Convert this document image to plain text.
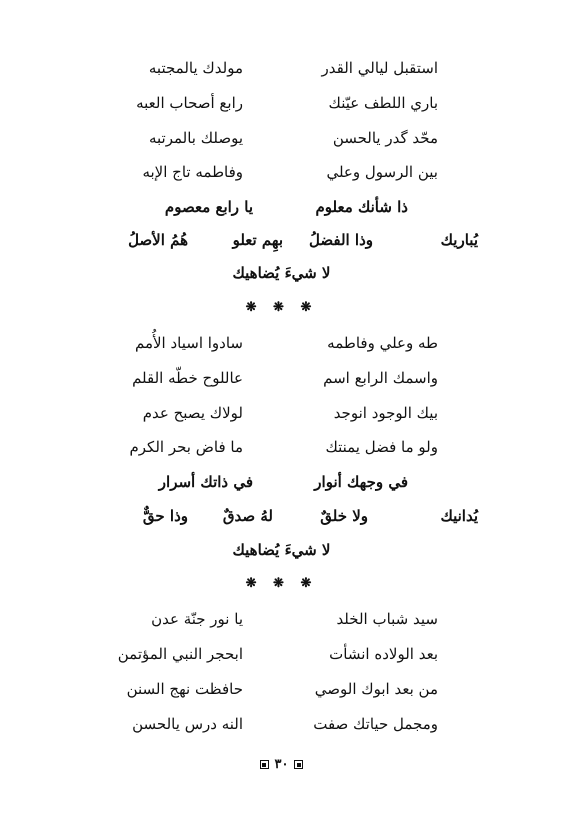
استقبل ليالي القدر
مولدك يالمجتبه
باري اللطف عيّنك
رابع أصحاب العبه
محّد گدر يالحسن
يوصلك بالمرتبه
بين الرسول وعلي
وفاطمه تاج الإبه
ذا شأنك معلوم
يا رابع معصوم
هُمُ الأصلُ	بهِم تعلو وذا الفضلُ	يُباريك
لا شيءَ يُضاهيك
❋ ❋ ❋
طه وعلي وفاطمه
سادوا اسياد الأُمم
واسمك الرابع اسم
عاللوح خطّه القلم
بيك الوجود انوجد
لولاك يصبح عدم
ولو ما فضل يمنتك
ما فاض بحر الكرم
في وجهك أنوار
في ذاتك أسرار
وذا حقٌّ لهُ صدقٌ	ولا خلقٌ	يُدانيك
لا شيءَ يُضاهيك
❋ ❋ ❋
سيد شباب الخلد
يا نور جنّة عدن
بعد الولاده انشأت
ابحجر النبي المؤتمن
من بعد ابوك الوصي
حافظت نهج السنن
ومجمل حياتك صفت
النه درس يالحسن
٣٠
